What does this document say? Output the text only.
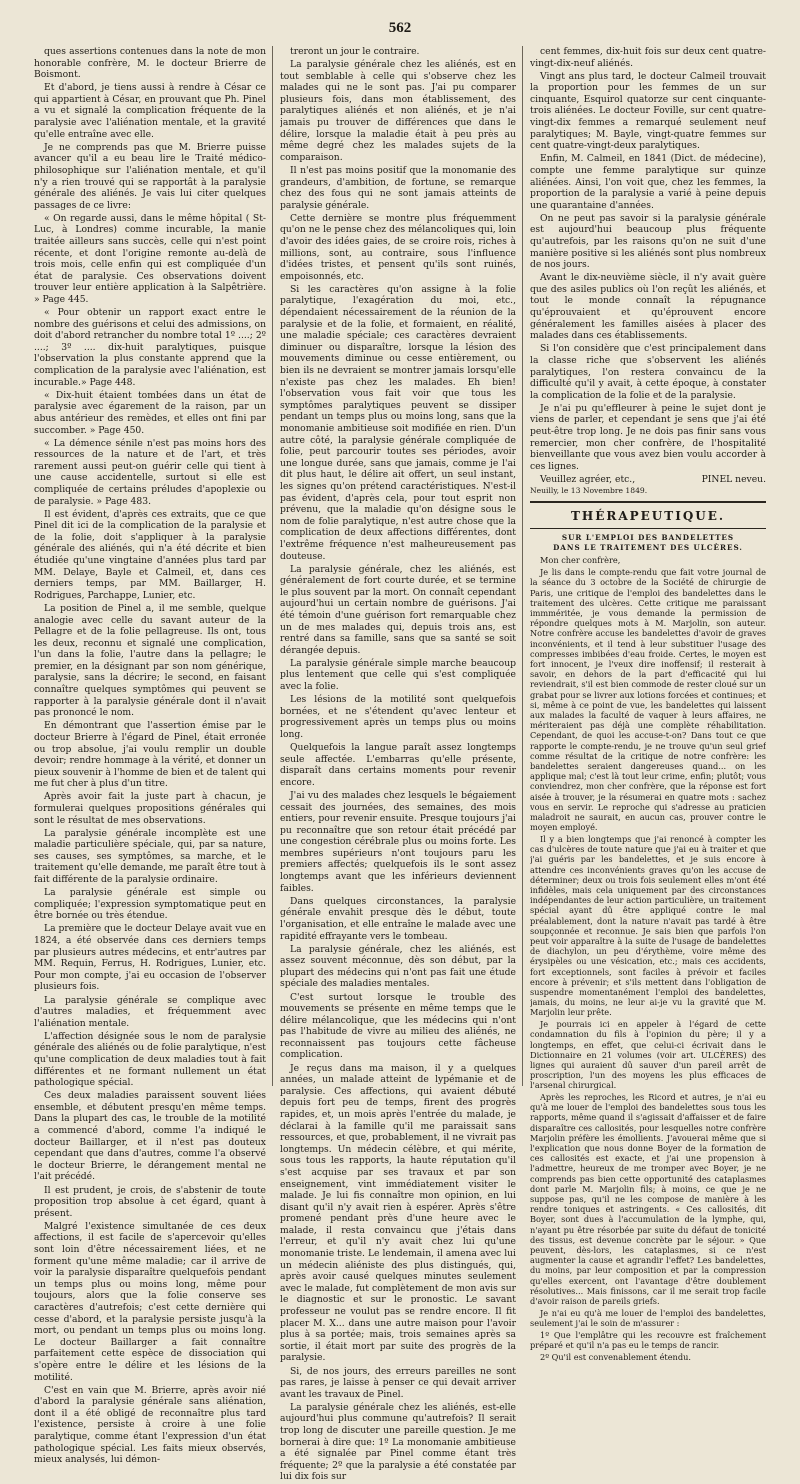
562

ques assertions contenues dans la note de mon honorable confrère, M. le docteur Brierre de Boismont.

Et d'abord, je tiens aussi à rendre à César ce qui appartient à César, en prouvant que Ph. Pinel a vu et signalé la complication fréquente de la paralysie avec l'aliénation mentale, et la gravité qu'elle entraîne avec elle.

Je ne comprends pas que M. Brierre puisse avancer qu'il a eu beau lire le Traité médico-philosophique sur l'aliénation mentale, et qu'il n'y a rien trouvé qui se rapportât à la paralysie générale des aliénés. Je vais lui citer quelques passages de ce livre:

« On regarde aussi, dans le même hôpital ( St-Luc, à Londres) comme incurable, la manie traitée ailleurs sans succès, celle qui n'est point récente, et dont l'origine remonte au-delà de trois mois, celle enfin qui est compliquée d'un état de paralysie. Ces observations doivent trouver leur entière application à la Salpêtrière. » Page 445.

« Pour obtenir un rapport exact entre le nombre des guérisons et celui des admissions, on doit d'abord retrancher du nombre total 1º ....; 2º ....; 3º .... dix-huit paralytiques, puisque l'observation la plus constante apprend que la complication de la paralysie avec l'aliénation, est incurable.» Page 448.

« Dix-huit étaient tombées dans un état de paralysie avec égarement de la raison, par un abus antérieur des remèdes, et elles ont fini par succomber. » Page 450.

« La démence sénile n'est pas moins hors des ressources de la nature et de l'art, et très rarement aussi peut-on guérir celle qui tient à une cause accidentelle, surtout si elle est compliquée de certains préludes d'apoplexie ou de paralysie. » Page 483.

Il est évident, d'après ces extraits, que ce que Pinel dit ici de la complication de la paralysie et de la folie, doit s'appliquer à la paralysie générale des aliénés, qui n'a été décrite et bien étudiée qu'une vingtaine d'années plus tard par MM. Delaye, Bayle et Calmeil, et, dans ces derniers temps, par MM. Baillarger, H. Rodrigues, Parchappe, Lunier, etc.

La position de Pinel a, il me semble, quelque analogie avec celle du savant auteur de la Pellagre et de la folie pellagreuse. Ils ont, tous les deux, reconnu et signalé une complication, l'un dans la folie, l'autre dans la pellagre; le premier, en la désignant par son nom générique, paralysie, sans la décrire; le second, en faisant connaître quelques symptômes qui peuvent se rapporter à la paralysie générale dont il n'avait pas prononcé le nom.

En démontrant que l'assertion émise par le docteur Brierre à l'égard de Pinel, était erronée ou trop absolue, j'ai voulu remplir un double devoir; rendre hommage à la vérité, et donner un pieux souvenir à l'homme de bien et de talent qui me fut cher à plus d'un titre.

Après avoir fait la juste part à chacun, je formulerai quelques propositions générales qui sont le résultat de mes observations.

La paralysie générale incomplète est une maladie particulière spéciale, qui, par sa nature, ses causes, ses symptômes, sa marche, et le traitement qu'elle demande, me paraît être tout à fait différente de la paralysie ordinaire.

La paralysie générale est simple ou compliquée; l'expression symptomatique peut en être bornée ou très étendue.

La première que le docteur Delaye avait vue en 1824, a été observée dans ces derniers temps par plusieurs autres médecins, et entr'autres par MM. Requin, Ferrus, H. Rodrigues, Lunier, etc. Pour mon compte, j'ai eu occasion de l'observer plusieurs fois.

La paralysie générale se complique avec d'autres maladies, et fréquemment avec l'aliénation mentale.

L'affection désignée sous le nom de paralysie générale des aliénés ou de folie paralytique, n'est qu'une complication de deux maladies tout à fait différentes et ne formant nullement un état pathologique spécial.

Ces deux maladies paraissent souvent liées ensemble, et débutent presqu'en même temps. Dans la plupart des cas, le trouble de la motilité a commencé d'abord, comme l'a indiqué le docteur Baillarger, et il n'est pas douteux cependant que dans d'autres, comme l'a observé le docteur Brierre, le dérangement mental ne l'ait précédé.

Il est prudent, je crois, de s'abstenir de toute proposition trop absolue à cet égard, quant à présent.

Malgré l'existence simultanée de ces deux affections, il est facile de s'apercevoir qu'elles sont loin d'être nécessairement liées, et ne forment qu'une même maladie; car il arrive de voir la paralysie disparaître quelquefois pendant un temps plus ou moins long, même pour toujours, alors que la folie conserve ses caractères d'autrefois; c'est cette dernière qui cesse d'abord, et la paralysie persiste jusqu'à la mort, ou pendant un temps plus ou moins long. Le docteur Baillarger a fait connaître parfaitement cette espèce de dissociation qui s'opère entre le délire et les lésions de la motilité.

C'est en vain que M. Brierre, après avoir nié d'abord la paralysie générale sans aliénation, dont il a été obligé de reconnaître plus tard l'existence, persiste à croire à une folie paralytique, comme étant l'expression d'un état pathologique spécial. Les faits mieux observés, mieux analysés, lui démon-

treront un jour le contraire.

La paralysie générale chez les aliénés, est en tout semblable à celle qui s'observe chez les malades qui ne le sont pas. J'ai pu comparer plusieurs fois, dans mon établissement, des paralytiques aliénés et non aliénés, et je n'ai jamais pu trouver de différences que dans le délire, lorsque la maladie était à peu près au même degré chez les malades sujets de la comparaison.

Il n'est pas moins positif que la monomanie des grandeurs, d'ambition, de fortune, se remarque chez des fous qui ne sont jamais atteints de paralysie générale.

Cette dernière se montre plus fréquemment qu'on ne le pense chez des mélancoliques qui, loin d'avoir des idées gaies, de se croire rois, riches à millions, sont, au contraire, sous l'influence d'idées tristes, et pensent qu'ils sont ruinés, empoisonnés, etc.

Si les caractères qu'on assigne à la folie paralytique, l'exagération du moi, etc., dépendaient nécessairement de la réunion de la paralysie et de la folie, et formaient, en réalité, une maladie spéciale; ces caractères devraient diminuer ou disparaître, lorsque la lésion des mouvements diminue ou cesse entièrement, ou bien ils ne devraient se montrer jamais lorsqu'elle n'existe pas chez les malades. Eh bien! l'observation vous fait voir que tous les symptômes paralytiques peuvent se dissiper pendant un temps plus ou moins long, sans que la monomanie ambitieuse soit modifiée en rien. D'un autre côté, la paralysie générale compliquée de folie, peut parcourir toutes ses périodes, avoir une longue durée, sans que jamais, comme je l'ai dit plus haut, le délire ait offert, un seul instant, les signes qu'on prétend caractéristiques. N'est-il pas évident, d'après cela, pour tout esprit non prévenu, que la maladie qu'on désigne sous le nom de folie paralytique, n'est autre chose que la complication de deux affections différentes, dont l'extrême fréquence n'est malheureusement pas douteuse.

La paralysie générale, chez les aliénés, est généralement de fort courte durée, et se termine le plus souvent par la mort. On connaît cependant aujourd'hui un certain nombre de guérisons. J'ai été témoin d'une guérison fort remarquable chez un de mes malades qui, depuis trois ans, est rentré dans sa famille, sans que sa santé se soit dérangée depuis.

La paralysie générale simple marche beaucoup plus lentement que celle qui s'est compliquée avec la folie.

Les lésions de la motilité sont quelquefois bornées, et ne s'étendent qu'avec lenteur et progressivement après un temps plus ou moins long.

Quelquefois la langue paraît assez longtemps seule affectée. L'embarras qu'elle présente, disparaît dans certains moments pour revenir encore.

J'ai vu des malades chez lesquels le bégaiement cessait des journées, des semaines, des mois entiers, pour revenir ensuite. Presque toujours j'ai pu reconnaître que son retour était précédé par une congestion cérébrale plus ou moins forte. Les membres supérieurs n'ont toujours paru les premiers affectés; quelquefois ils le sont assez longtemps avant que les inférieurs deviennent faibles.

Dans quelques circonstances, la paralysie générale envahit presque dès le début, toute l'organisation, et elle entraîne le malade avec une rapidité effrayante vers le tombeau.

La paralysie générale, chez les aliénés, est assez souvent méconnue, dès son début, par la plupart des médecins qui n'ont pas fait une étude spéciale des maladies mentales.

C'est surtout lorsque le trouble des mouvements se présente en même temps que le délire mélancolique, que les médecins qui n'ont pas l'habitude de vivre au milieu des aliénés, ne reconnaissent pas toujours cette fâcheuse complication.

Je reçus dans ma maison, il y a quelques années, un malade atteint de lypémanie et de paralysie. Ces affections, qui avaient débuté depuis fort peu de temps, firent des progrès rapides, et, un mois après l'entrée du malade, je déclarai à la famille qu'il me paraissait sans ressources, et que, probablement, il ne vivrait pas longtemps. Un médecin célèbre, et qui mérite, sous tous les rapports, la haute réputation qu'il s'est acquise par ses travaux et par son enseignement, vint immédiatement visiter le malade. Je lui fis connaître mon opinion, en lui disant qu'il n'y avait rien à espérer. Après s'être promené pendant près d'une heure avec le malade, il resta convaincu que j'étais dans l'erreur, et qu'il n'y avait chez lui qu'une monomanie triste. Le lendemain, il amena avec lui un médecin aliéniste des plus distingués, qui, après avoir causé quelques minutes seulement avec le malade, fut complètement de mon avis sur le diagnostic et sur le pronostic. Le savant professeur ne voulut pas se rendre encore. Il fit placer M. X... dans une autre maison pour l'avoir plus à sa portée; mais, trois semaines après sa sortie, il était mort par suite des progrès de la paralysie.

Si, de nos jours, des erreurs pareilles ne sont pas rares, je laisse à penser ce qui devait arriver avant les travaux de Pinel.

La paralysie générale chez les aliénés, est-elle aujourd'hui plus commune qu'autrefois? Il serait trop long de discuter une pareille question. Je me bornerai à dire que: 1º La monomanie ambitieuse a été signalée par Pinel comme étant très fréquente; 2º que la paralysie a été constatée par lui dix fois sur

cent femmes, dix-huit fois sur deux cent quatre-vingt-dix-neuf aliénés.

Vingt ans plus tard, le docteur Calmeil trouvait la proportion pour les femmes de un sur cinquante, Esquirol quatorze sur cent cinquante-trois aliénées. Le docteur Foville, sur cent quatre-vingt-dix femmes a remarqué seulement neuf paralytiques; M. Bayle, vingt-quatre femmes sur cent quatre-vingt-deux paralytiques.

Enfin, M. Calmeil, en 1841 (Dict. de médecine), compte une femme paralytique sur quinze aliénées. Ainsi, l'on voit que, chez les femmes, la proportion de la paralysie a varié à peine depuis une quarantaine d'années.

On ne peut pas savoir si la paralysie générale est aujourd'hui beaucoup plus fréquente qu'autrefois, par les raisons qu'on ne suit d'une manière positive si les aliénés sont plus nombreux de nos jours.

Avant le dix-neuvième siècle, il n'y avait guère que des asiles publics où l'on reçût les aliénés, et tout le monde connaît la répugnance qu'éprouvaient et qu'éprouvent encore généralement les familles aisées à placer des malades dans ces établissements.

Si l'on considère que c'est principalement dans la classe riche que s'observent les aliénés paralytiques, l'on restera convaincu de la difficulté qu'il y avait, à cette époque, à constater la complication de la folie et de la paralysie.

Je n'ai pu qu'effleurer à peine le sujet dont je viens de parler, et cependant je sens que j'ai été peut-être trop long. Je ne dois pas finir sans vous remercier, mon cher confrère, de l'hospitalité bienveillante que vous avez bien voulu accorder à ces lignes.

Veuillez agréer, etc.,	PINEL neveu.
Neuilly, le 13 Novembre 1849.
THÉRAPEUTIQUE.
SUR L'EMPLOI DES BANDELETTES DANS LE TRAITEMENT DES ULCÈRES.
Mon cher confrère,

Je lis dans le compte-rendu que fait votre journal de la séance du 3 octobre de la Société de chirurgie de Paris, une critique de l'emploi des bandelettes dans le traitement des ulcères. Cette critique me paraissant immméritée, je vous demande la permission de répondre quelques mots à M. Marjolin, son auteur. Notre confrère accuse les bandelettes d'avoir de graves inconvénients, et il tend à leur substituer l'usage des compresses imbibées d'eau froide. Certes, le moyen est fort innocent, je l'veux dire inoffensif; il resterait à savoir, en dehors de la part d'efficacité qui lui reviendrait, s'il est bien commode de rester cloué sur un grabat pour se livrer aux lotions forcées et continues; et si, même à ce point de vue, les bandelettes qui laissent aux malades la faculté de vaquer à leurs affaires, ne mériteraient pas déjà une complète réhabilitation. Cependant, de quoi les accuse-t-on? Dans tout ce que rapporte le compte-rendu, je ne trouve qu'un seul grief comme résultat de la critique de notre confrère: les bandelettes seraient dangereuses quand... on les applique mal; c'est là tout leur crime, enfin; plutôt; vous conviendrez, mon cher confrère, que la réponse est fort aisée à trouver, je la résumerai en quatre mots : sachez vous en servir. Le reproche qui s'adresse au praticien maladroit ne saurait, en aucun cas, prouver contre le moyen employé.

Il y a bien longtemps que j'ai renoncé à compter les cas d'ulcères de toute nature que j'ai eu à traiter et que j'ai guéris par les bandelettes, et je suis encore à attendre ces inconvénients graves qu'on les accuse de déterminer; deux ou trois fois seulement elles m'ont été infidèles, mais cela uniquement par des circonstances indépendantes de leur action particulière, un traitement spécial ayant dû être appliqué contre le mal préalablement, dont la nature n'avait pas tardé à être soupçonnée et reconnue. Je sais bien que parfois l'on peut voir apparaître à la suite de l'usage de bandelettes de diachylon, un peu d'érythème, voire même des érysipèles ou une vésication, etc.; mais ces accidents, fort exceptionnels, sont faciles à prévoir et faciles encore à prévenir; et s'ils mettent dans l'obligation de suspendre momentanément l'emploi des bandelettes, jamais, du moins, ne leur ai-je vu la gravité que M. Marjolin leur prête.

Je pourrais ici en appeler à l'égard de cette condamnation du fils à l'opinion du père; il y a longtemps, en effet, que celui-ci écrivait dans le Dictionnaire en 21 volumes (voir art. ULCÈRES) des lignes qui auraient dû sauver d'un pareil arrêt de proscription, l'un des moyens les plus efficaces de l'arsenal chirurgical.

Après les reproches, les Ricord et autres, je n'ai eu qu'à me louer de l'emploi des bandelettes sous tous les rapports, même quand il s'agissait d'affaisser et de faire disparaître ces callosités, pour lesquelles notre confrère Marjolin préfère les émollients. J'avouerai même que si l'explication que nous donne Boyer de la formation de ces callosités est exacte, et j'ai une propension à l'admettre, heureux de me tromper avec Boyer, je ne comprends pas bien cette opportunité des cataplasmes dont parle M. Marjolin fils; à moins, ce que je ne suppose pas, qu'il ne les compose de manière à les rendre toniques et astringents. « Ces callosités, dit Boyer, sont dues à l'accumulation de la lymphe, qui, n'ayant pu être résorbée par suite du défaut de tonicité des tissus, est devenue concrète par le séjour. » Que peuvent, dès-lors, les cataplasmes, si ce n'est augmenter la cause et agrandir l'effet? Les bandelettes, du moins, par leur composition et par la compression qu'elles exercent, ont l'avantage d'être doublement résolutives... Mais finissons, car il me serait trop facile d'avoir raison de pareils griefs.

Je n'ai eu qu'à me louer de l'emploi des bandelettes, seulement j'ai le soin de m'assurer :

1º Que l'emplâtre qui les recouvre est fraîchement préparé et qu'il n'a pas eu le temps de rancir.

2º Qu'il est convenablement étendu.
